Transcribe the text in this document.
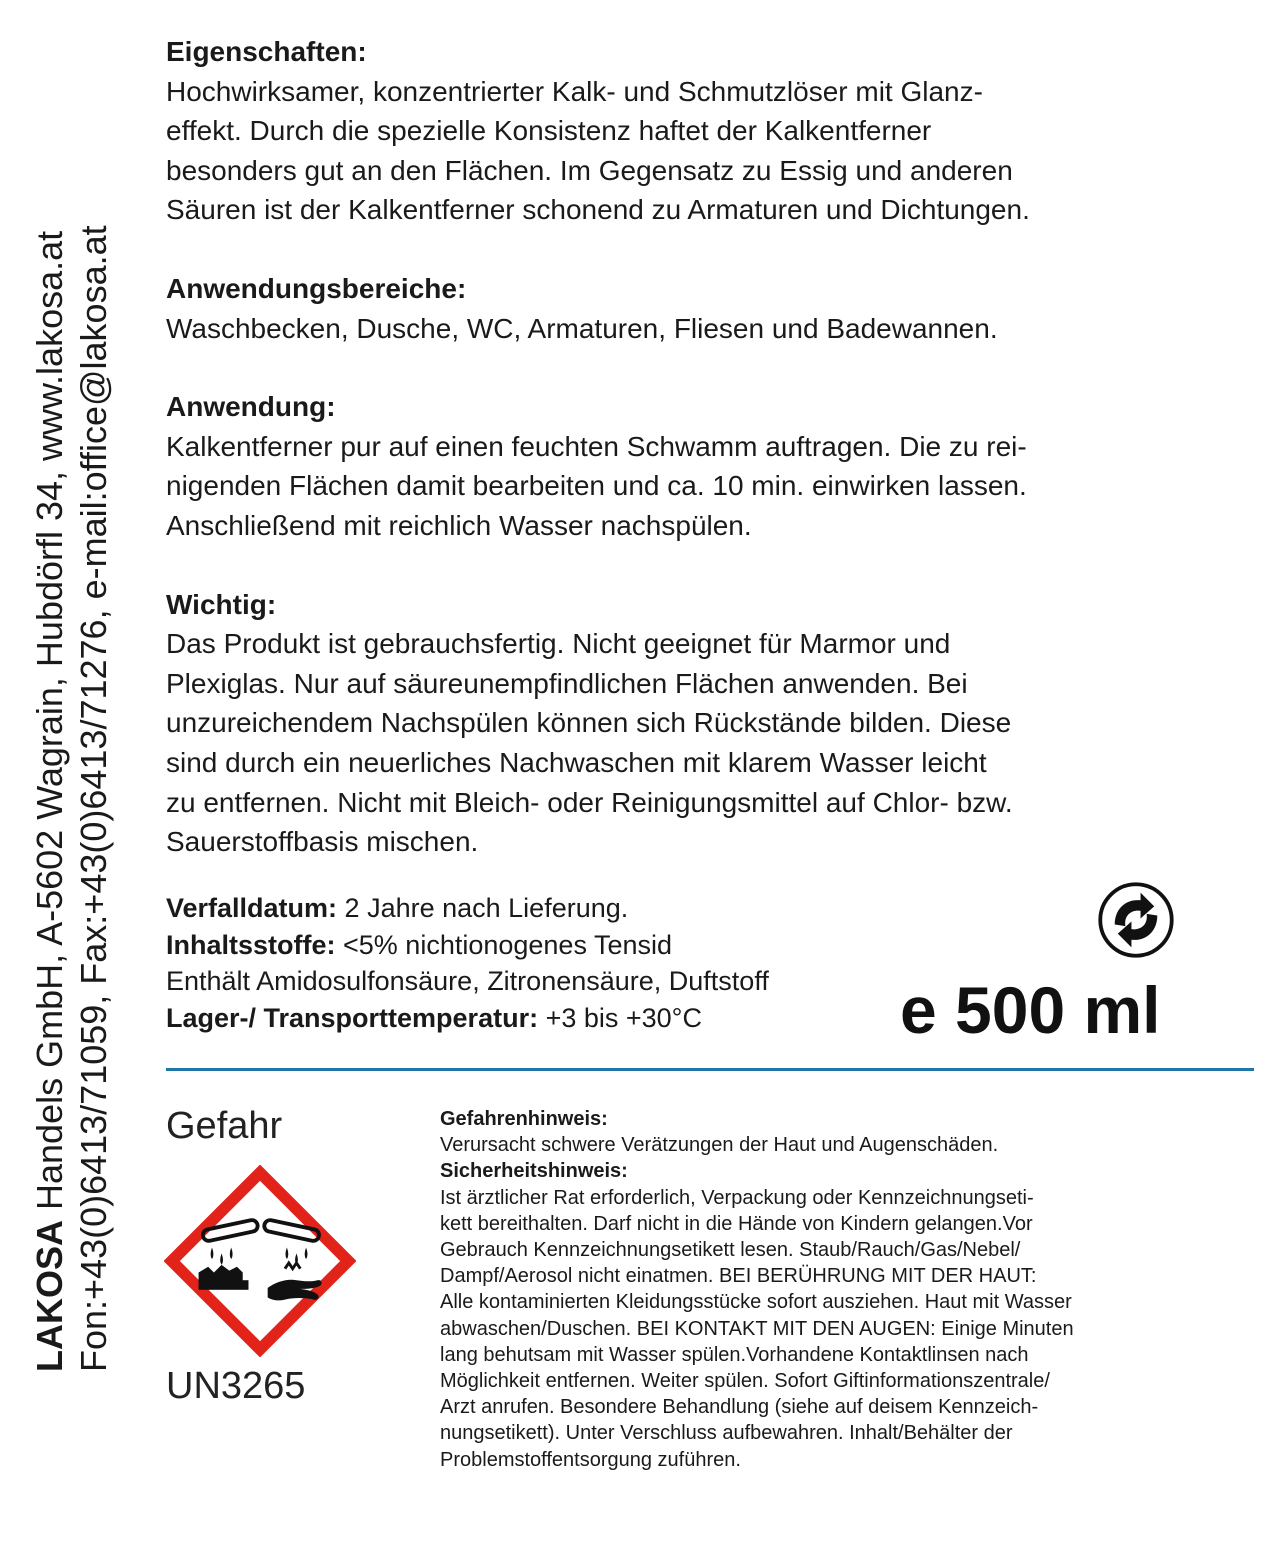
LAKOSA Handels GmbH, A-5602 Wagrain, Hubdörfl 34, www.lakosa.at Fon:+43(0)6413/71059, Fax:+43(0)6413/71276, e-mail:office@lakosa.at
Eigenschaften:
Hochwirksamer, konzentrierter Kalk- und Schmutzlöser mit Glanz-
effekt. Durch die spezielle Konsistenz haftet der Kalkentferner
besonders gut an den Flächen. Im Gegensatz zu Essig und anderen
Säuren ist der Kalkentferner schonend zu Armaturen und Dichtungen.
Anwendungsbereiche:
Waschbecken, Dusche, WC, Armaturen, Fliesen und Badewannen.
Anwendung:
Kalkentferner pur auf einen feuchten Schwamm auftragen. Die zu rei-
nigenden Flächen damit bearbeiten und ca. 10 min. einwirken lassen.
Anschließend mit reichlich Wasser nachspülen.
Wichtig:
Das Produkt ist gebrauchsfertig. Nicht geeignet für Marmor und
Plexiglas. Nur auf säureunempfindlichen Flächen anwenden. Bei
unzureichendem Nachspülen können sich Rückstände bilden. Diese
sind durch ein neuerliches Nachwaschen mit klarem Wasser leicht
zu entfernen. Nicht mit Bleich- oder Reinigungsmittel auf Chlor- bzw.
Sauerstoffbasis mischen.
Verfalldatum: 2 Jahre nach Lieferung.
Inhaltsstoffe: <5% nichtionogenes Tensid
Enthält Amidosulfonsäure, Zitronensäure, Duftstoff
Lager-/ Transporttemperatur: +3 bis +30°C	e 500 ml
Gefahr
UN3265
Gefahrenhinweis:
Verursacht schwere Verätzungen der Haut und Augenschäden.
Sicherheitshinweis:
Ist ärztlicher Rat erforderlich, Verpackung oder Kennzeichnungseti-
kett bereithalten. Darf nicht in die Hände von Kindern gelangen.Vor
Gebrauch Kennzeichnungsetikett lesen. Staub/Rauch/Gas/Nebel/
Dampf/Aerosol nicht einatmen. BEI BERÜHRUNG MIT DER HAUT:
Alle kontaminierten Kleidungsstücke sofort ausziehen. Haut mit Wasser
abwaschen/Duschen. BEI KONTAKT MIT DEN AUGEN: Einige Minuten
lang behutsam mit Wasser spülen.Vorhandene Kontaktlinsen nach
Möglichkeit entfernen. Weiter spülen. Sofort Giftinformationszentrale/
Arzt anrufen. Besondere Behandlung (siehe auf deisem Kennzeich-
nungsetikett). Unter Verschluss aufbewahren. Inhalt/Behälter der
Problemstoffentsorgung zuführen.
